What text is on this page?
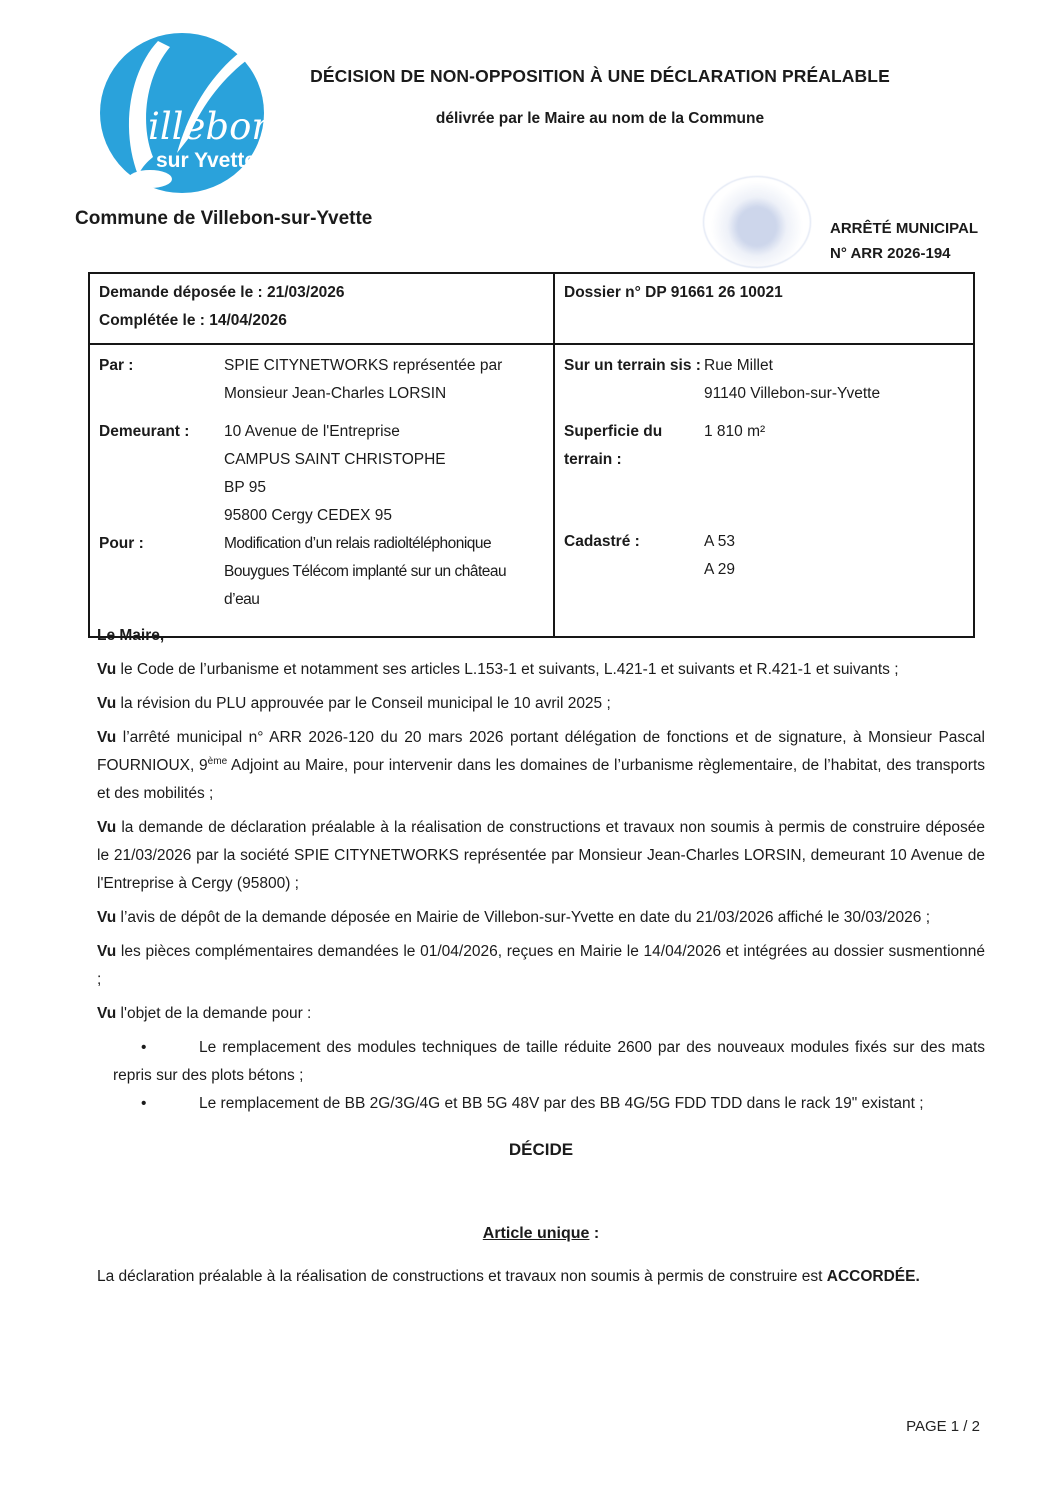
illebon
sur Yvette
DÉCISION DE NON-OPPOSITION À UNE DÉCLARATION PRÉALABLE
délivrée par le Maire au nom de la Commune
Commune de Villebon-sur-Yvette	ARRÊTÉ MUNICIPAL
N° ARR 2026-194
Demande déposée le : 21/03/2026
Complétée le : 14/04/2026
Dossier n° DP 91661 26 10021
Par :	SPIE CITYNETWORKS représentée par
Monsieur Jean-Charles LORSIN
Demeurant :	10 Avenue de l'Entreprise
CAMPUS SAINT CHRISTOPHE
BP 95
95800 Cergy CEDEX 95
Pour :	Modification d’un relais radioltéléphonique
Bouygues Télécom implanté sur un château
d’eau
Sur un terrain sis : Rue Millet
91140 Villebon-sur-Yvette
Superficie du terrain :
1 810 m²
Cadastré :	A 53
A 29

Le Maire,

Vu le Code de l’urbanisme et notamment ses articles L.153-1 et suivants, L.421-1 et suivants et R.421-1 et suivants ;

Vu la révision du PLU approuvée par le Conseil municipal le 10 avril 2025 ;

Vu l’arrêté municipal n° ARR 2026-120 du 20 mars 2026 portant délégation de fonctions et de signature, à Monsieur Pascal FOURNIOUX, 9ème Adjoint au Maire, pour intervenir dans les domaines de l’urbanisme règlementaire, de l’habitat, des transports et des mobilités ;

Vu la demande de déclaration préalable à la réalisation de constructions et travaux non soumis à permis de construire déposée le 21/03/2026 par la société SPIE CITYNETWORKS représentée par Monsieur Jean-Charles LORSIN, demeurant 10 Avenue de l'Entreprise à Cergy (95800) ;

Vu l’avis de dépôt de la demande déposée en Mairie de Villebon-sur-Yvette en date du 21/03/2026 affiché le 30/03/2026 ;

Vu les pièces complémentaires demandées le 01/04/2026, reçues en Mairie le 14/04/2026 et intégrées au dossier susmentionné ;

Vu l'objet de la demande pour :

•	Le remplacement des modules techniques de taille réduite 2600 par des nouveaux modules fixés sur des mats repris sur des plots bétons ;
•	Le remplacement de BB 2G/3G/4G et BB 5G 48V par des BB 4G/5G FDD TDD dans le rack 19" existant ;
DÉCIDE
Article unique :
La déclaration préalable à la réalisation de constructions et travaux non soumis à permis de construire est ACCORDÉE.
PAGE 1 / 2
